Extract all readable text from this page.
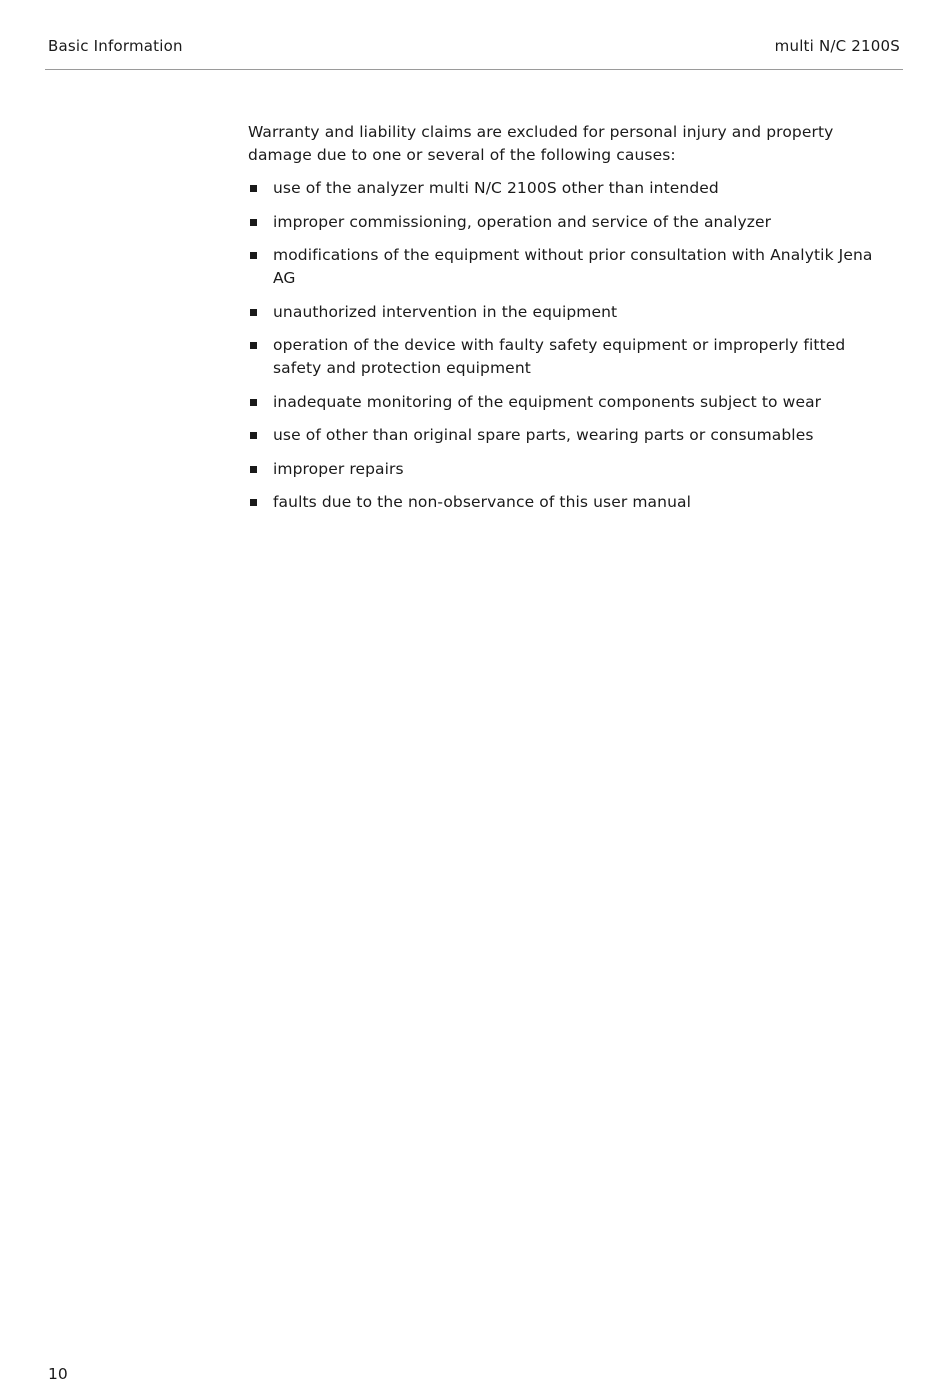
Basic Information	multi N/C 2100S

Warranty and liability claims are excluded for personal injury and property damage due to one or several of the following causes:

use of the analyzer multi N/C 2100S other than intended
improper commissioning, operation and service of the analyzer
modifications of the equipment without prior consultation with Analytik Jena AG
unauthorized intervention in the equipment
operation of the device with faulty safety equipment or improperly fitted safety and protection equipment
inadequate monitoring of the equipment components subject to wear
use of other than original spare parts, wearing parts or consumables
improper repairs
faults due to the non-observance of this user manual
10
